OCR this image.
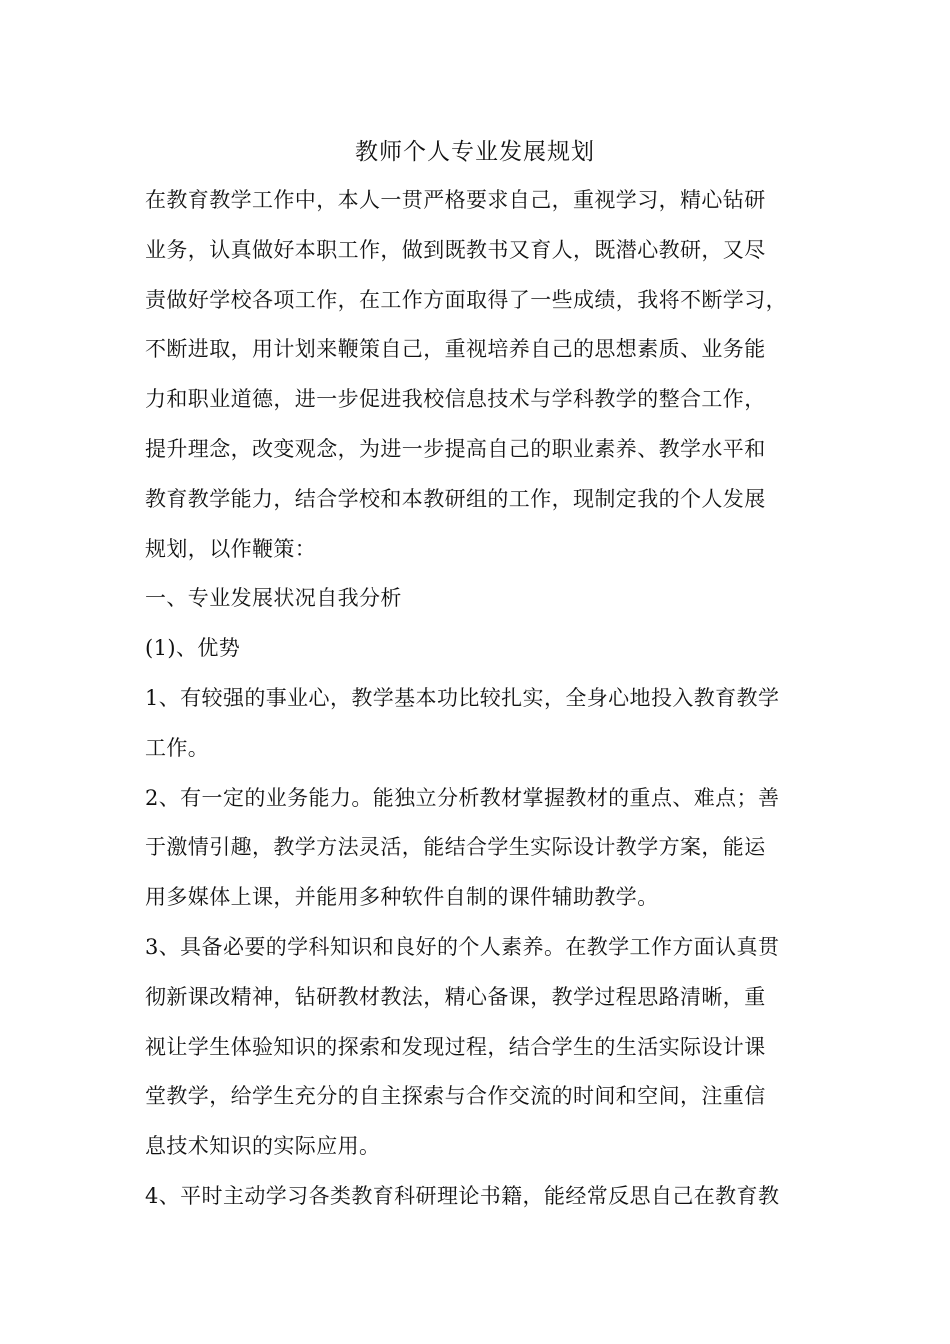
教师个人专业发展规划
在教育教学工作中，本人一贯严格要求自己，重视学习，精心钻研
业务，认真做好本职工作，做到既教书又育人，既潜心教研，又尽
责做好学校各项工作，在工作方面取得了一些成绩，我将不断学习，
不断进取，用计划来鞭策自己，重视培养自己的思想素质、业务能
力和职业道德，进一步促进我校信息技术与学科教学的整合工作，
提升理念，改变观念，为进一步提高自己的职业素养、教学水平和
教育教学能力，结合学校和本教研组的工作，现制定我的个人发展
规划，以作鞭策：
一、专业发展状况自我分析
(1)、优势
1、有较强的事业心，教学基本功比较扎实，全身心地投入教育教学
工作。
2、有一定的业务能力。能独立分析教材掌握教材的重点、难点；善
于激情引趣，教学方法灵活，能结合学生实际设计教学方案，能运
用多媒体上课，并能用多种软件自制的课件辅助教学。
3、具备必要的学科知识和良好的个人素养。在教学工作方面认真贯
彻新课改精神，钻研教材教法，精心备课，教学过程思路清晰，重
视让学生体验知识的探索和发现过程，结合学生的生活实际设计课
堂教学，给学生充分的自主探索与合作交流的时间和空间，注重信
息技术知识的实际应用。
4、平时主动学习各类教育科研理论书籍，能经常反思自己在教育教
